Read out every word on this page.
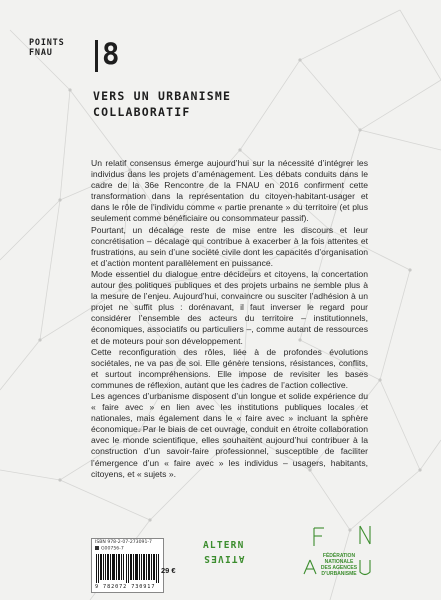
POINTS
FNAU	8
VERS UN URBANISME
COLLABORATIF

Un relatif consensus émerge aujourd’hui sur la nécessité d’intégrer les individus dans les projets d’aménagement. Les débats conduits dans le cadre de la 36e Rencontre de la FNAU en 2016 confirment cette transformation dans la représentation du citoyen-habitant-usager et dans le rôle de l’individu comme « partie prenante » du territoire (et plus seulement comme bénéficiaire ou consommateur passif).

Pourtant, un décalage reste de mise entre les discours et leur concrétisation – décalage qui contribue à exacerber à la fois attentes et frustrations, au sein d’une société civile dont les capacités d’organisation et d’action montent parallèlement en puissance.

Mode essentiel du dialogue entre décideurs et citoyens, la concertation autour des politiques publiques et des projets urbains ne semble plus à la mesure de l’enjeu. Aujourd’hui, convaincre ou susciter l’adhésion à un projet ne suffit plus : dorénavant, il faut inverser le regard pour considérer l’ensemble des acteurs du territoire – institutionnels, économiques, associatifs ou particuliers –, comme autant de ressources et de moteurs pour son développement.

Cette reconfiguration des rôles, liée à de profondes évolutions sociétales, ne va pas de soi. Elle génère tensions, résistances, conflits, et surtout incompréhensions. Elle impose de revisiter les bases communes de réflexion, autant que les cadres de l’action collective.

Les agences d’urbanisme disposent d’un longue et solide expérience du « faire avec » en lien avec les institutions publiques locales et nationales, mais également dans le « faire avec » incluant la sphère économique. Par le biais de cet ouvrage, conduit en étroite collaboration avec le monde scientifique, elles souhaitent aujourd’hui contribuer à la construction d’un savoir-faire professionnel, susceptible de faciliter l’émergence d’un « faire avec » les individus – usagers, habitants, citoyens, et « sujets ».

ISBN 978-2-07-273091-7
G00756-7
9 782072 730917
29 €
ALTERN
ATIVES	FÉDÉRATION
NATIONALE
DES AGENCES
D’URBANISME
